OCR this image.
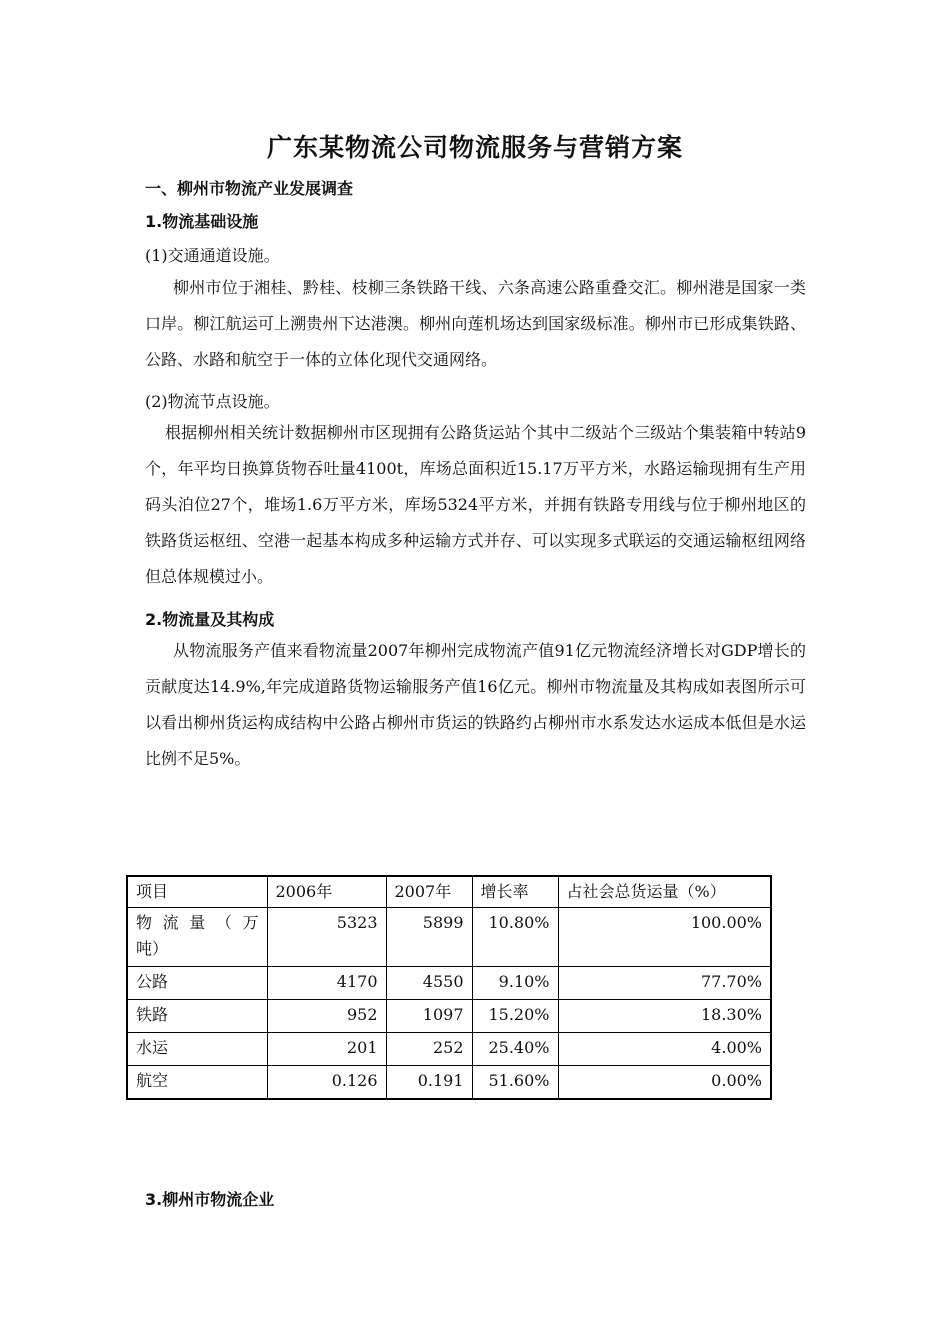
广东某物流公司物流服务与营销方案
一、柳州市物流产业发展调查
1.物流基础设施
(1)交通通道设施。

柳州市位于湘桂、黔桂、枝柳三条铁路干线、六条高速公路重叠交汇。柳州港是国家一类口岸。柳江航运可上溯贵州下达港澳。柳州向莲机场达到国家级标准。柳州市已形成集铁路、公路、水路和航空于一体的立体化现代交通网络。

(2)物流节点设施。

根据柳州相关统计数据柳州市区现拥有公路货运站个其中二级站个三级站个集装箱中转站9个，年平均日换算货物吞吐量4100t，库场总面积近15.17万平方米，水路运输现拥有生产用码头泊位27个，堆场1.6万平方米，库场5324平方米，并拥有铁路专用线与位于柳州地区的铁路货运枢纽、空港一起基本构成多种运输方式并存、可以实现多式联运的交通运输枢纽网络但总体规模过小。

2.物流量及其构成

从物流服务产值来看物流量2007年柳州完成物流产值91亿元物流经济增长对GDP增长的贡献度达14.9%,年完成道路货物运输服务产值16亿元。柳州市物流量及其构成如表图所示可以看出柳州货运构成结构中公路占柳州市货运的铁路约占柳州市水系发达水运成本低但是水运比例不足5%。

项目	2006年	2007年	增长率	占社会总货运量（%）
物 流 量 （ 万 吨）	5323	5899	10.80%	100.00%
公路	4170	4550	9.10%	77.70%
铁路	952	1097	15.20%	18.30%
水运	201	252	25.40%	4.00%
航空	0.126	0.191	51.60%	0.00%
3.柳州市物流企业
